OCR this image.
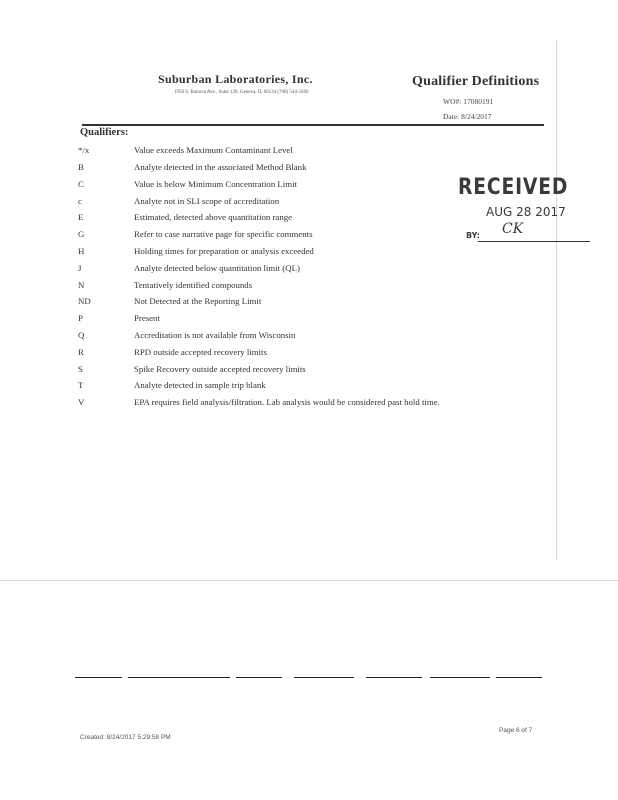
Suburban Laboratories, Inc.
1950 S. Batavia Ave., Suite 120, Geneva, IL 60134 (708) 544-3260
Qualifier Definitions
WO#: 17080191
Date: 8/24/2017
Qualifiers:
*/x	Value exceeds Maximum Contaminant Level
B	Analyte detected in the associated Method Blank
C	Value is below Minimum Concentration Limit
c	Analyte not in SLI scope of accreditation
E	Estimated, detected above quantitation range
G	Refer to case narrative page for specific comments
H	Holding times for preparation or analysis exceeded
J	Analyte detected below quantitation limit (QL)
N	Tentatively identified compounds
ND	Not Detected at the Reporting Limit
P	Present
Q	Accreditation is not available from Wisconsin
R	RPD outside accepted recovery limits
S	Spike Recovery outside accepted recovery limits
T	Analyte detected in sample trip blank
V	EPA requires field analysis/filtration. Lab analysis would be considered past hold time.
RECEIVED
AUG 28 2017
BY: CK
Created: 8/24/2017 5:29:58 PM
Page 6 of 7
